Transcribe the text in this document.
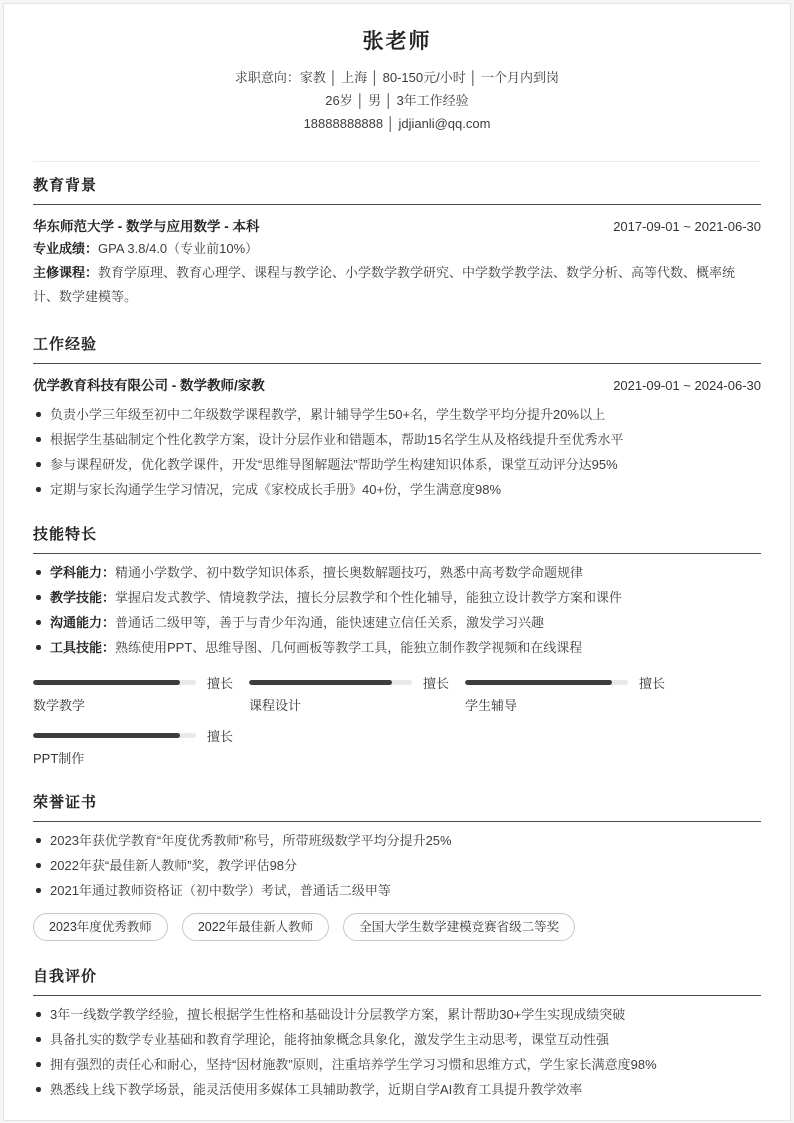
张老师
求职意向：家教 │ 上海 │ 80-150元/小时 │ 一个月内到岗
26岁 │ 男 │ 3年工作经验
18888888888 │ jdjianli@qq.com
教育背景
华东师范大学 - 数学与应用数学 - 本科	2017-09-01 ~ 2021-06-30

专业成绩：GPA 3.8/4.0（专业前10%）

主修课程：教育学原理、教育心理学、课程与教学论、小学数学教学研究、中学数学教学法、数学分析、高等代数、概率统计、数学建模等。

工作经验
优学教育科技有限公司 - 数学教师/家教	2021-09-01 ~ 2024-06-30
负责小学三年级至初中二年级数学课程教学，累计辅导学生50+名，学生数学平均分提升20%以上
根据学生基础制定个性化教学方案，设计分层作业和错题本，帮助15名学生从及格线提升至优秀水平
参与课程研发，优化教学课件，开发“思维导图解题法”帮助学生构建知识体系，课堂互动评分达95%
定期与家长沟通学生学习情况，完成《家校成长手册》40+份，学生满意度98%
技能特长
学科能力：精通小学数学、初中数学知识体系，擅长奥数解题技巧，熟悉中高考数学命题规律
教学技能：掌握启发式教学、情境教学法，擅长分层教学和个性化辅导，能独立设计教学方案和课件
沟通能力：普通话二级甲等，善于与青少年沟通，能快速建立信任关系，激发学习兴趣
工具技能：熟练使用PPT、思维导图、几何画板等教学工具，能独立制作教学视频和在线课程
擅长
数学教学
擅长
课程设计
擅长
学生辅导
擅长
PPT制作
荣誉证书
2023年获优学教育“年度优秀教师”称号，所带班级数学平均分提升25%
2022年获“最佳新人教师”奖，教学评估98分
2021年通过教师资格证（初中数学）考试，普通话二级甲等
2023年度优秀教师	2022年最佳新人教师	全国大学生数学建模竞赛省级二等奖
自我评价
3年一线数学教学经验，擅长根据学生性格和基础设计分层教学方案，累计帮助30+学生实现成绩突破
具备扎实的数学专业基础和教育学理论，能将抽象概念具象化，激发学生主动思考，课堂互动性强
拥有强烈的责任心和耐心，坚持“因材施教”原则，注重培养学生学习习惯和思维方式，学生家长满意度98%
熟悉线上线下教学场景，能灵活使用多媒体工具辅助教学，近期自学AI教育工具提升教学效率
